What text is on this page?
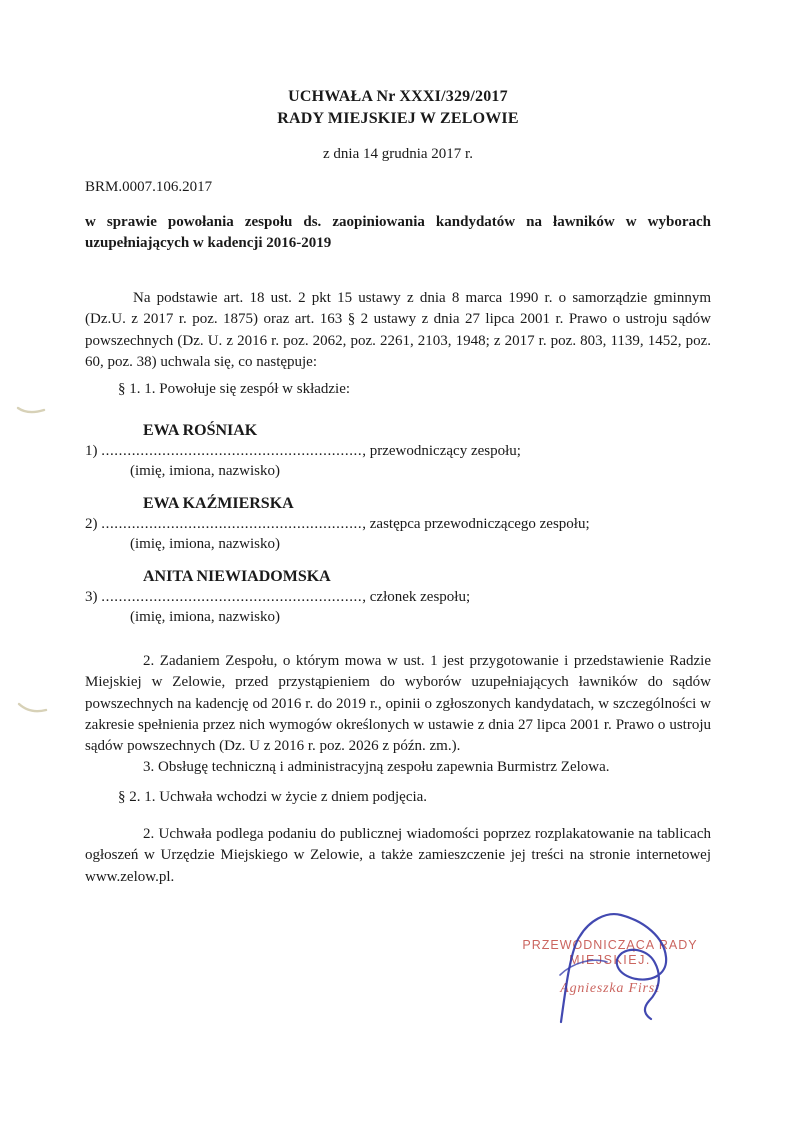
UCHWAŁA Nr XXXI/329/2017
RADY MIEJSKIEJ W ZELOWIE
z dnia 14 grudnia 2017 r.
BRM.0007.106.2017
w sprawie powołania zespołu ds. zaopiniowania kandydatów na ławników w wyborach uzupełniających w kadencji 2016-2019
Na podstawie art. 18 ust. 2 pkt 15 ustawy z dnia 8 marca 1990 r. o samorządzie gminnym (Dz.U. z 2017 r. poz. 1875) oraz art. 163 § 2 ustawy z dnia 27 lipca 2001 r. Prawo o ustroju sądów powszechnych (Dz. U. z 2016 r. poz. 2062, poz. 2261, 2103, 1948; z 2017 r. poz. 803, 1139, 1452, poz. 60, poz. 38) uchwala się, co następuje:
§ 1. 1. Powołuje się zespół w składzie:
EWA ROŚNIAK
1) ............................................................, przewodniczący zespołu;
(imię, imiona, nazwisko)
EWA KAŹMIERSKA
2) ............................................................, zastępca przewodniczącego zespołu;
(imię, imiona, nazwisko)
ANITA NIEWIADOMSKA
3) ............................................................, członek zespołu;
(imię, imiona, nazwisko)
2. Zadaniem Zespołu, o którym mowa w ust. 1 jest przygotowanie i przedstawienie Radzie Miejskiej w Zelowie, przed przystąpieniem do wyborów uzupełniających ławników do sądów powszechnych na kadencję od 2016 r. do 2019 r., opinii o zgłoszonych kandydatach, w szczególności w zakresie spełnienia przez nich wymogów określonych w ustawie z dnia 27 lipca 2001 r. Prawo o ustroju sądów powszechnych (Dz. U z 2016 r. poz. 2026 z późn. zm.).
3. Obsługę techniczną i administracyjną zespołu zapewnia Burmistrz Zelowa.
§ 2. 1. Uchwała wchodzi w życie z dniem podjęcia.
2. Uchwała podlega podaniu do publicznej wiadomości poprzez rozplakatowanie na tablicach ogłoszeń w Urzędzie Miejskiego w Zelowie, a także zamieszczenie jej treści na stronie internetowej www.zelow.pl.
PRZEWODNICZĄCA RADY
MIEJSKIEJ.
Agnieszka First
